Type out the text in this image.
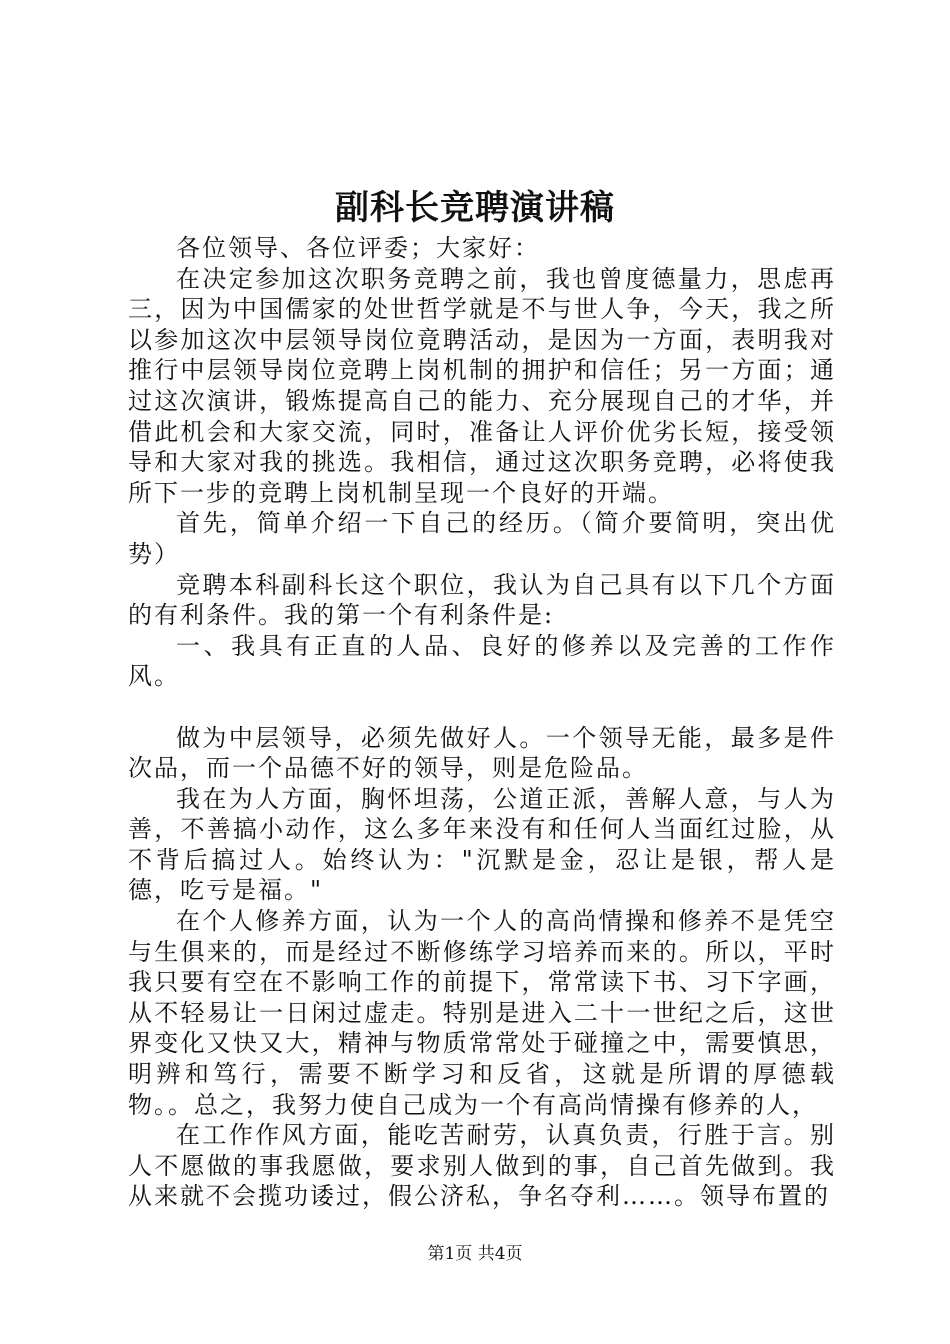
副科长竞聘演讲稿

各位领导、各位评委；大家好：

在决定参加这次职务竞聘之前，我也曾度德量力，思虑再三，因为中国儒家的处世哲学就是不与世人争，今天，我之所以参加这次中层领导岗位竟聘活动，是因为一方面，表明我对推行中层领导岗位竞聘上岗机制的拥护和信任；另一方面；通过这次演讲，锻炼提高自己的能力、充分展现自己的才华，并借此机会和大家交流，同时，准备让人评价优劣长短，接受领导和大家对我的挑选。我相信，通过这次职务竞聘，必将使我所下一步的竞聘上岗机制呈现一个良好的开端。

首先，简单介绍一下自己的经历。（简介要简明，突出优势）

竞聘本科副科长这个职位，我认为自己具有以下几个方面的有利条件。我的第一个有利条件是:

一、我具有正直的人品、良好的修养以及完善的工作作风。

做为中层领导，必须先做好人。一个领导无能，最多是件次品，而一个品德不好的领导，则是危险品。

我在为人方面，胸怀坦荡，公道正派，善解人意，与人为善，不善搞小动作，这么多年来没有和任何人当面红过脸，从不背后搞过人。始终认为："沉默是金，忍让是银，帮人是德，吃亏是福。"

在个人修养方面，认为一个人的高尚情操和修养不是凭空与生俱来的，而是经过不断修练学习培养而来的。所以，平时我只要有空在不影响工作的前提下，常常读下书、习下字画，从不轻易让一日闲过虚走。特别是进入二十一世纪之后，这世界变化又快又大，精神与物质常常处于碰撞之中，需要慎思，明辨和笃行，需要不断学习和反省，这就是所谓的厚德载物。。总之，我努力使自己成为一个有高尚情操有修养的人，

在工作作风方面，能吃苦耐劳，认真负责，行胜于言。别人不愿做的事我愿做，要求别人做到的事，自己首先做到。我从来就不会揽功诿过，假公济私，争名夺利……。领导布置的

第1页 共4页
